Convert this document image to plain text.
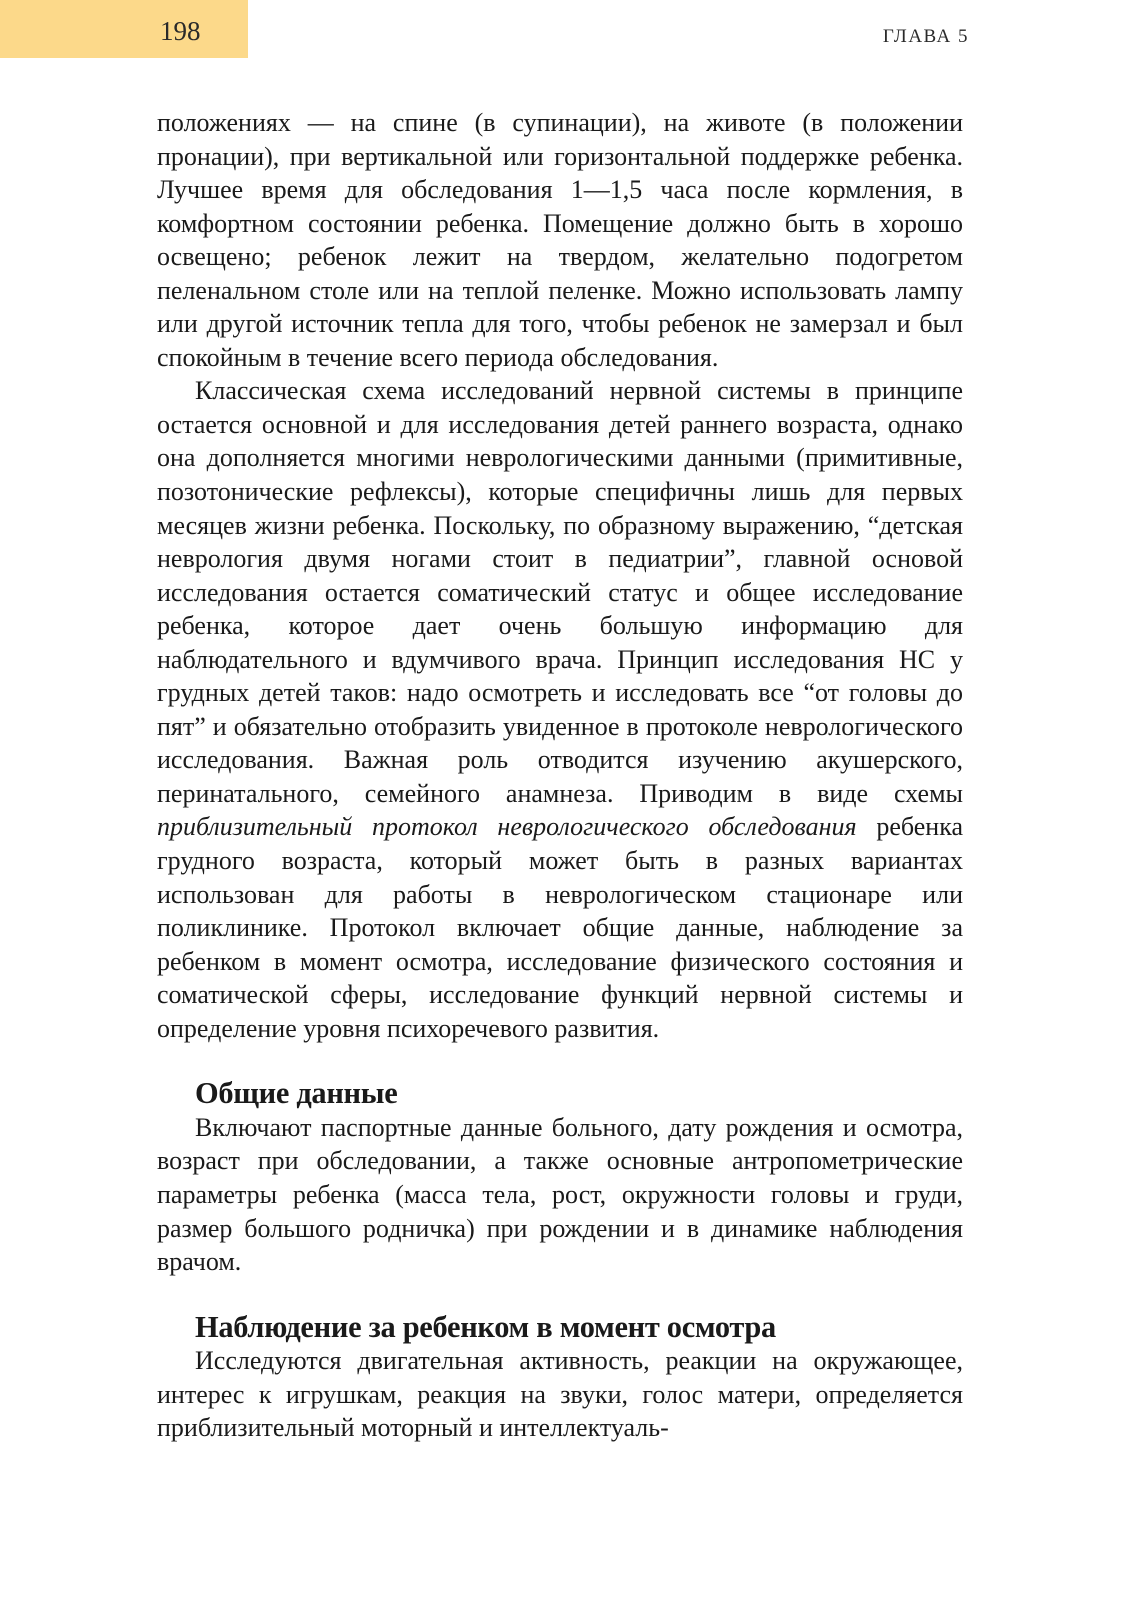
198	ГЛАВА 5

положениях — на спине (в супинации), на животе (в положении пронации), при вертикальной или горизонтальной поддержке ребенка. Лучшее время для обследования 1—1,5 часа после кормления, в комфортном состоянии ребенка. Помещение должно быть в хорошо освещено; ребенок лежит на твердом, желательно подогретом пеленальном столе или на теплой пеленке. Можно использовать лампу или другой источник тепла для того, чтобы ребенок не замерзал и был спокойным в течение всего периода обследования.

Классическая схема исследований нервной системы в принципе остается основной и для исследования детей раннего возраста, однако она дополняется многими неврологическими данными (примитивные, позотонические рефлексы), которые специфичны лишь для первых месяцев жизни ребенка. Поскольку, по образному выражению, “детская неврология двумя ногами стоит в педиатрии”, главной основой исследования остается соматический статус и общее исследование ребенка, которое дает очень большую информацию для наблюдательного и вдумчивого врача. Принцип исследования НС у грудных детей таков: надо осмотреть и исследовать все “от головы до пят” и обязательно отобразить увиденное в протоколе неврологического исследования. Важная роль отводится изучению акушерского, перинатального, семейного анамнеза. Приводим в виде схемы приблизительный протокол неврологического обследования ребенка грудного возраста, который может быть в разных вариантах использован для работы в неврологическом стационаре или поликлинике. Протокол включает общие данные, наблюдение за ребенком в момент осмотра, исследование физического состояния и соматической сферы, исследование функций нервной системы и определение уровня психоречевого развития.

Общие данные

Включают паспортные данные больного, дату рождения и осмотра, возраст при обследовании, а также основные антропометрические параметры ребенка (масса тела, рост, окружности головы и груди, размер большого родничка) при рождении и в динамике наблюдения врачом.

Наблюдение за ребенком в момент осмотра

Исследуются двигательная активность, реакции на окружающее, интерес к игрушкам, реакция на звуки, голос матери, определяется приблизительный моторный и интеллектуаль-
